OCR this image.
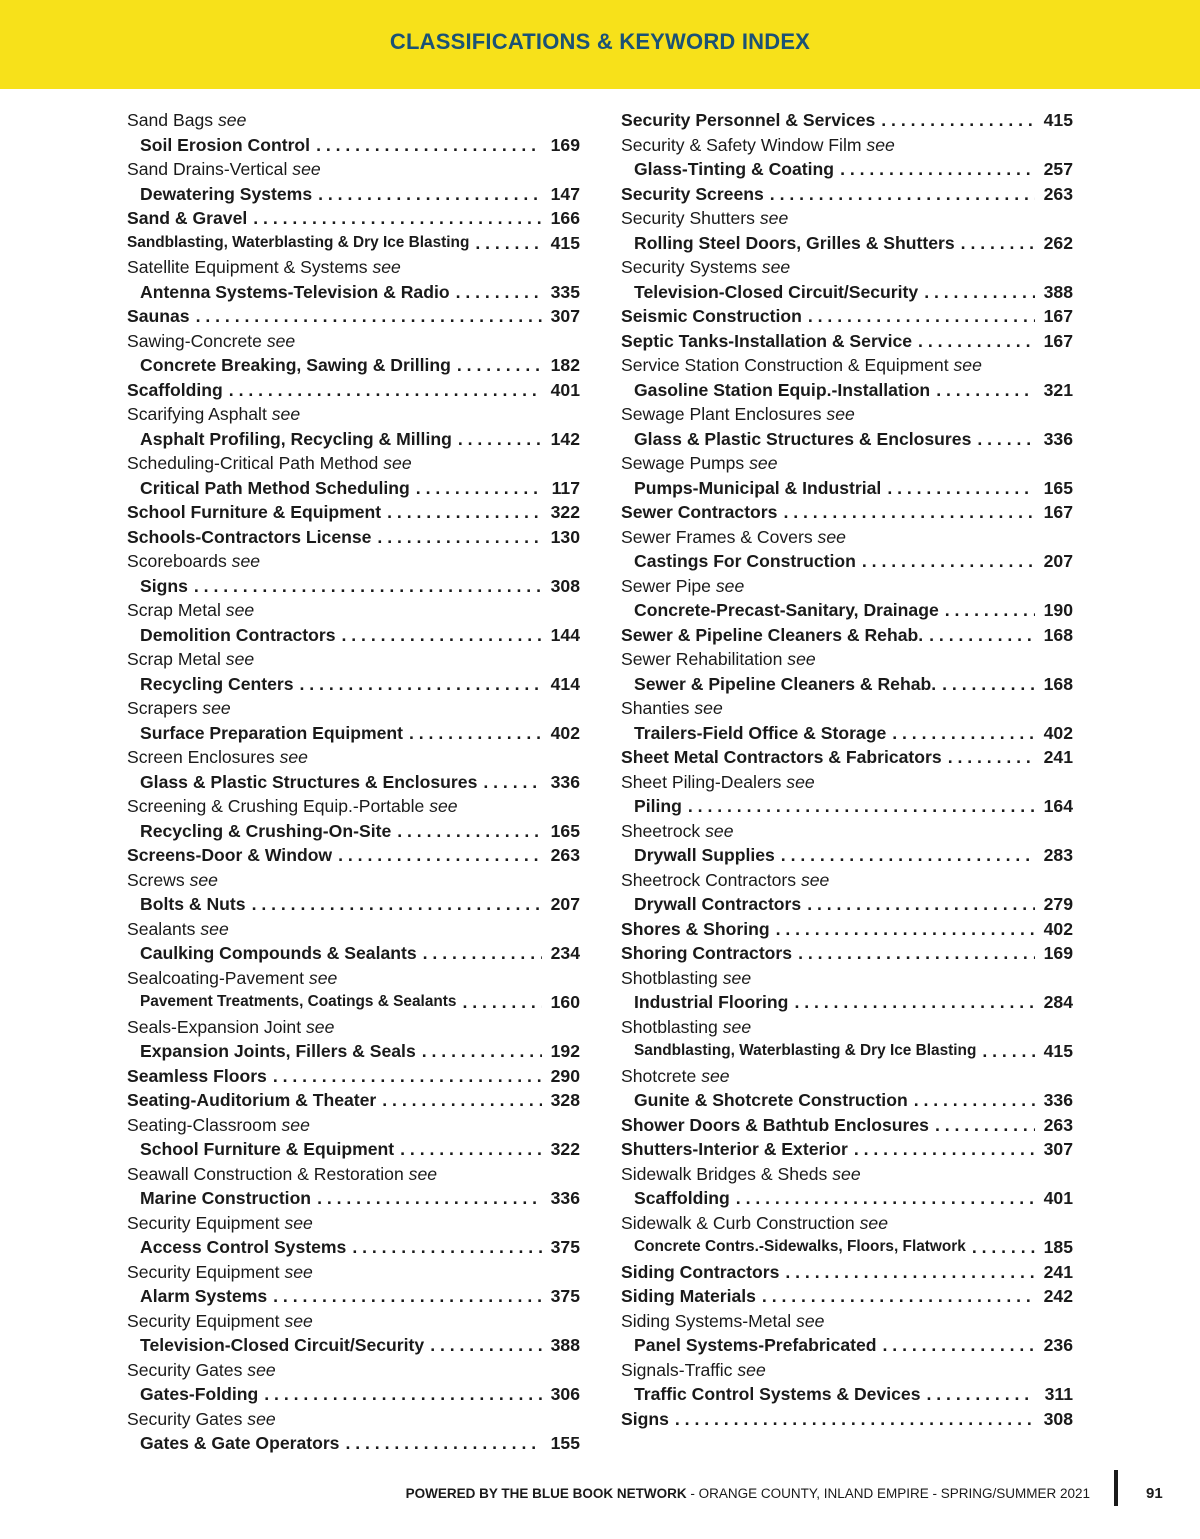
CLASSIFICATIONS & KEYWORD INDEX
Sand Bags see
Soil Erosion Control . . .	169
Sand Drains-Vertical see
Dewatering Systems . . .	147
Sand & Gravel . . .	166
Sandblasting, Waterblasting & Dry Ice Blasting . . .	415
Satellite Equipment & Systems see
Antenna Systems-Television & Radio . . .	335
Saunas . . .	307
Sawing-Concrete see
Concrete Breaking, Sawing & Drilling . . .	182
Scaffolding . . .	401
Scarifying Asphalt see
Asphalt Profiling, Recycling & Milling . . .	142
Scheduling-Critical Path Method see
Critical Path Method Scheduling . . .	117
School Furniture & Equipment . . .	322
Schools-Contractors License . . .	130
Scoreboards see
Signs . . .	308
Scrap Metal see
Demolition Contractors . . .	144
Scrap Metal see
Recycling Centers . . .	414
Scrapers see
Surface Preparation Equipment . . .	402
Screen Enclosures see
Glass & Plastic Structures & Enclosures . . .	336
Screening & Crushing Equip.-Portable see
Recycling & Crushing-On-Site . . .	165
Screens-Door & Window . . .	263
Screws see
Bolts & Nuts . . .	207
Sealants see
Caulking Compounds & Sealants . . .	234
Sealcoating-Pavement see
Pavement Treatments, Coatings & Sealants . . .	160
Seals-Expansion Joint see
Expansion Joints, Fillers & Seals . . .	192
Seamless Floors . . .	290
Seating-Auditorium & Theater . . .	328
Seating-Classroom see
School Furniture & Equipment . . .	322
Seawall Construction & Restoration see
Marine Construction . . .	336
Security Equipment see
Access Control Systems . . .	375
Security Equipment see
Alarm Systems . . .	375
Security Equipment see
Television-Closed Circuit/Security . . .	388
Security Gates see
Gates-Folding . . .	306
Security Gates see
Gates & Gate Operators . . .	155
Security Personnel & Services . . .	415
Security & Safety Window Film see
Glass-Tinting & Coating . . .	257
Security Screens . . .	263
Security Shutters see
Rolling Steel Doors, Grilles & Shutters . . .	262
Security Systems see
Television-Closed Circuit/Security . . .	388
Seismic Construction . . .	167
Septic Tanks-Installation & Service . . .	167
Service Station Construction & Equipment see
Gasoline Station Equip.-Installation . . .	321
Sewage Plant Enclosures see
Glass & Plastic Structures & Enclosures . . .	336
Sewage Pumps see
Pumps-Municipal & Industrial . . .	165
Sewer Contractors . . .	167
Sewer Frames & Covers see
Castings For Construction . . .	207
Sewer Pipe see
Concrete-Precast-Sanitary, Drainage . . .	190
Sewer & Pipeline Cleaners & Rehab. . . .	168
Sewer Rehabilitation see
Sewer & Pipeline Cleaners & Rehab. . . .	168
Shanties see
Trailers-Field Office & Storage . . .	402
Sheet Metal Contractors & Fabricators . . .	241
Sheet Piling-Dealers see
Piling . . .	164
Sheetrock see
Drywall Supplies . . .	283
Sheetrock Contractors see
Drywall Contractors . . .	279
Shores & Shoring . . .	402
Shoring Contractors . . .	169
Shotblasting see
Industrial Flooring . . .	284
Shotblasting see
Sandblasting, Waterblasting & Dry Ice Blasting . . .	415
Shotcrete see
Gunite & Shotcrete Construction . . .	336
Shower Doors & Bathtub Enclosures . . .	263
Shutters-Interior & Exterior . . .	307
Sidewalk Bridges & Sheds see
Scaffolding . . .	401
Sidewalk & Curb Construction see
Concrete Contrs.-Sidewalks, Floors, Flatwork . . .	185
Siding Contractors . . .	241
Siding Materials . . .	242
Siding Systems-Metal see
Panel Systems-Prefabricated . . .	236
Signals-Traffic see
Traffic Control Systems & Devices . . .	311
Signs . . .	308
POWERED BY THE BLUE BOOK NETWORK - ORANGE COUNTY, INLAND EMPIRE - SPRING/SUMMER 2021	91
